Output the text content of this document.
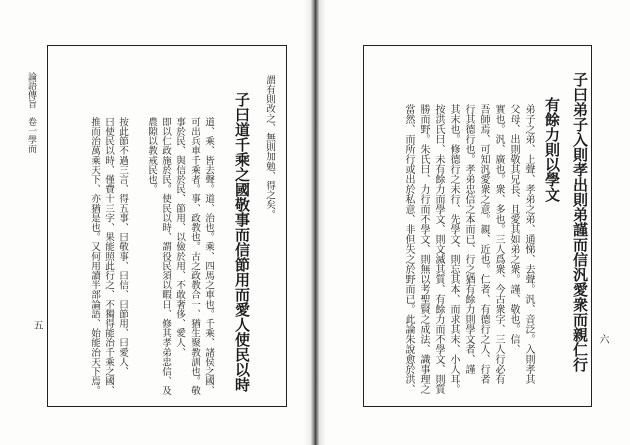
論語傳旨　卷一學而
五
謂有則改之、無則加勉、得之矣。
子曰道千乘之國敬事而信節用而愛人使民以時
道、乘、皆去聲。道、治也。乘、四馬之車也。千乘、諸侯之國、
可出兵車千乘者。事、政教也。古之政教合一、猶生聚教訓也。敬
事於民、與信於民、節用、以儉於用、不敢奢侈、愛人、
即以仁政施於民。使民以時、謂役民須以暇日、修其孝弟忠信、及
農隙以教戒民也。
按此節不過三言、得五事、曰敬事、曰信、曰節用、曰愛人、
曰使民以時、僅費十三字、果能照此行之、不獨得能治千乘之國、
推而治萬乘天下、亦猶是也。又何用讀半部論語、始能治天下焉。	子曰弟子入則孝出則弟謹而信汎愛衆而親仁行
有餘力則以學文
弟子之弟、上聲、孝弟之弟、通悌、去聲。汎、音泛。入則孝其
父母、出則敬其兄長、且愛其如弟之衆。謹、敬也。信、
實也。汎、廣也。衆、多也。三人爲衆、今古衆字、三人行必有
吾師焉、可知汎愛衆之意。親、近也。仁者、有德行之人、行者
行其德行也。孝弟忠信之本而已、行之猶有餘力則學文者、謹
其末也。修德行之未行、先學文、則忘其本、而求其末、小人耳。
按洪氏曰、未有餘力而學文、則文滅其質、有餘力而不學文、則質
勝而野。朱氏曰、力行而不學文、則無以考聖賢之成法、識事理之
當然、而所行或出於私意、非但失之於野而已。此論朱說愈於洪、	六
